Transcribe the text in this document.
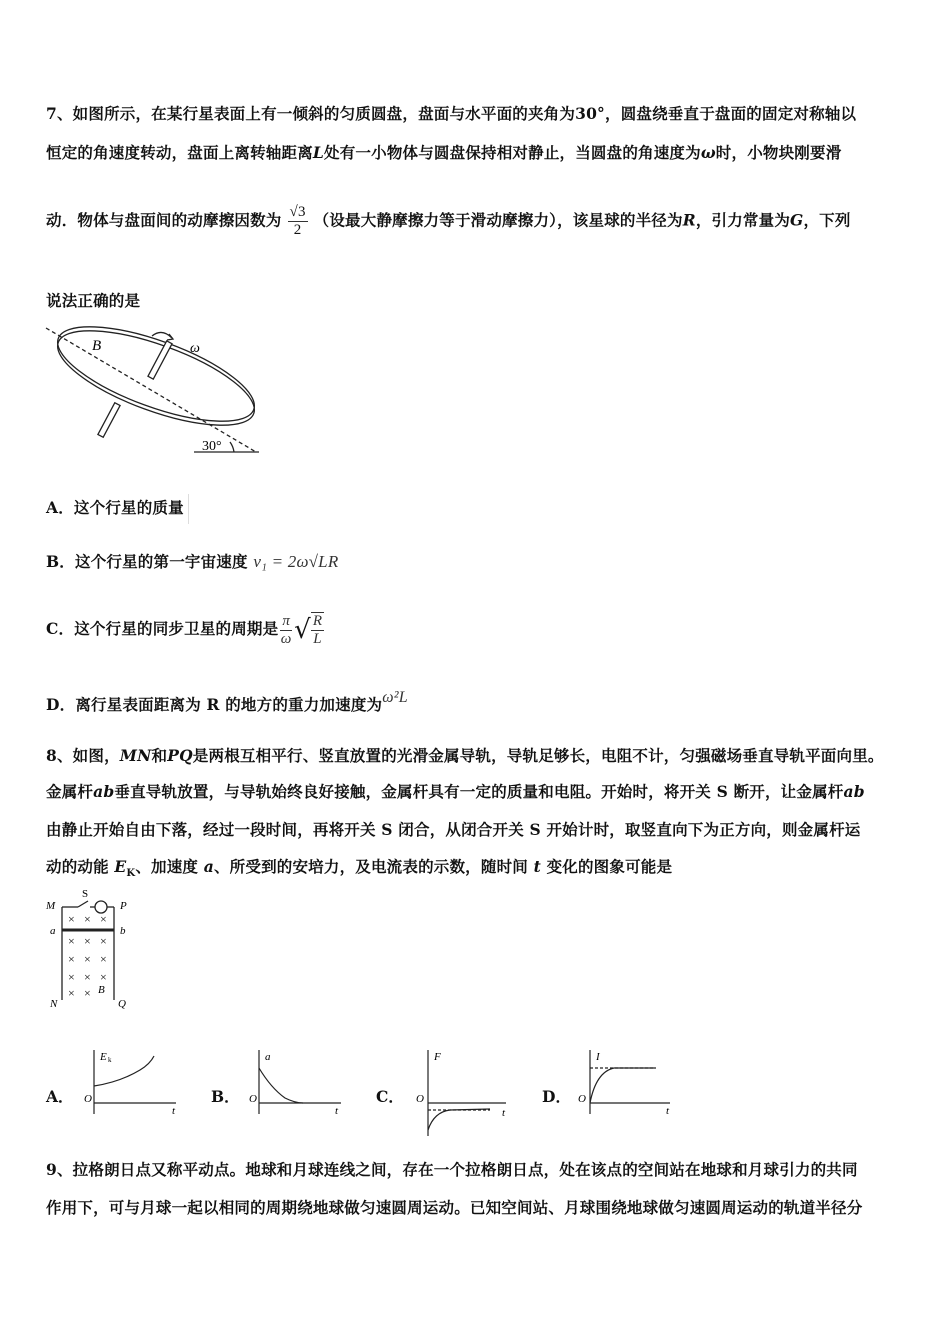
7、如图所示，在某行星表面上有一倾斜的匀质圆盘，盘面与水平面的夹角为30°，圆盘绕垂直于盘面的固定对称轴以
恒定的角速度转动，盘面上离转轴距离L处有一小物体与圆盘保持相对静止，当圆盘的角速度为ω时，小物块刚要滑
动．物体与盘面间的动摩擦因数为 $\frac{√3}{2}$ （设最大静摩擦力等于滑动摩擦力），该星球的半径为R，引力常量为G，下列
说法正确的是
B	ω
30°
A．这个行星的质量
B．这个行星的第一宇宙速度 v₁ = 2ω√LR
C．这个行星的同步卫星的周期是 $\frac{\pi}{\omega}$ √ $\frac{R}{L}$
D．离行星表面距离为 R 的地方的重力加速度为ω²L
8、如图，MN和PQ是两根互相平行、竖直放置的光滑金属导轨，导轨足够长，电阻不计，匀强磁场垂直导轨平面向里。
金属杆ab垂直导轨放置，与导轨始终良好接触，金属杆具有一定的质量和电阻。开始时，将开关 S 断开，让金属杆ab
由静止开始自由下落，经过一段时间，再将开关 S 闭合，从闭合开关 S 开始计时，取竖直向下为正方向，则金属杆运
动的动能 $E_K$、加速度 a、所受到的安培力，及电流表的示数，随时间 t 变化的图象可能是
M
S
P
a	b
B
N	Q
× × ×
× × ×
× × ×
× × ×
× ×
A．
E k
O
t
B．
a
O
t
C．
F
O
t
D．
I
O
t
9、拉格朗日点又称平动点。地球和月球连线之间，存在一个拉格朗日点，处在该点的空间站在地球和月球引力的共同
作用下，可与月球一起以相同的周期绕地球做匀速圆周运动。已知空间站、月球围绕地球做匀速圆周运动的轨道半径分
